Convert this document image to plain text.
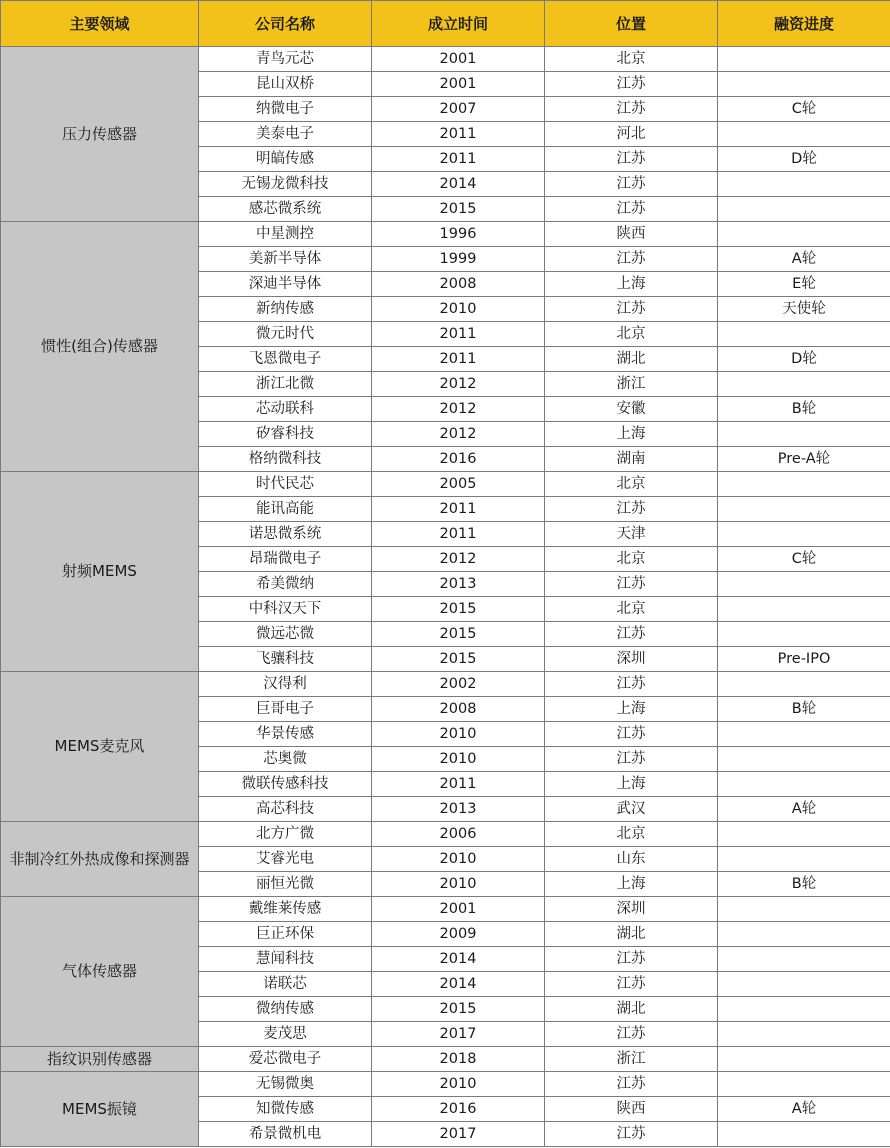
主要领域	公司名称	成立时间	位置	融资进度
压力传感器	青鸟元芯	2001	北京	
	昆山双桥	2001	江苏	
	纳微电子	2007	江苏	C轮
	美泰电子	2011	河北	
	明皜传感	2011	江苏	D轮
	无锡龙微科技	2014	江苏	
	感芯微系统	2015	江苏	
惯性(组合)传感器	中星测控	1996	陕西	
	美新半导体	1999	江苏	A轮
	深迪半导体	2008	上海	E轮
	新纳传感	2010	江苏	天使轮
	微元时代	2011	北京	
	飞恩微电子	2011	湖北	D轮
	浙江北微	2012	浙江	
	芯动联科	2012	安徽	B轮
	矽睿科技	2012	上海	
	格纳微科技	2016	湖南	Pre-A轮
射频MEMS	时代民芯	2005	北京	
	能讯高能	2011	江苏	
	诺思微系统	2011	天津	
	昂瑞微电子	2012	北京	C轮
	希美微纳	2013	江苏	
	中科汉天下	2015	北京	
	微远芯微	2015	江苏	
	飞骧科技	2015	深圳	Pre-IPO
MEMS麦克风	汉得利	2002	江苏	
	巨哥电子	2008	上海	B轮
	华景传感	2010	江苏	
	芯奥微	2010	江苏	
	微联传感科技	2011	上海	
	高芯科技	2013	武汉	A轮
非制冷红外热成像和探测器	北方广微	2006	北京	
	艾睿光电	2010	山东	
	丽恒光微	2010	上海	B轮
气体传感器	戴维莱传感	2001	深圳	
	巨正环保	2009	湖北	
	慧闻科技	2014	江苏	
	诺联芯	2014	江苏	
	微纳传感	2015	湖北	
	麦茂思	2017	江苏	
指纹识别传感器	爱芯微电子	2018	浙江	
MEMS振镜	无锡微奥	2010	江苏	
	知微传感	2016	陕西	A轮
	希景微机电	2017	江苏	
